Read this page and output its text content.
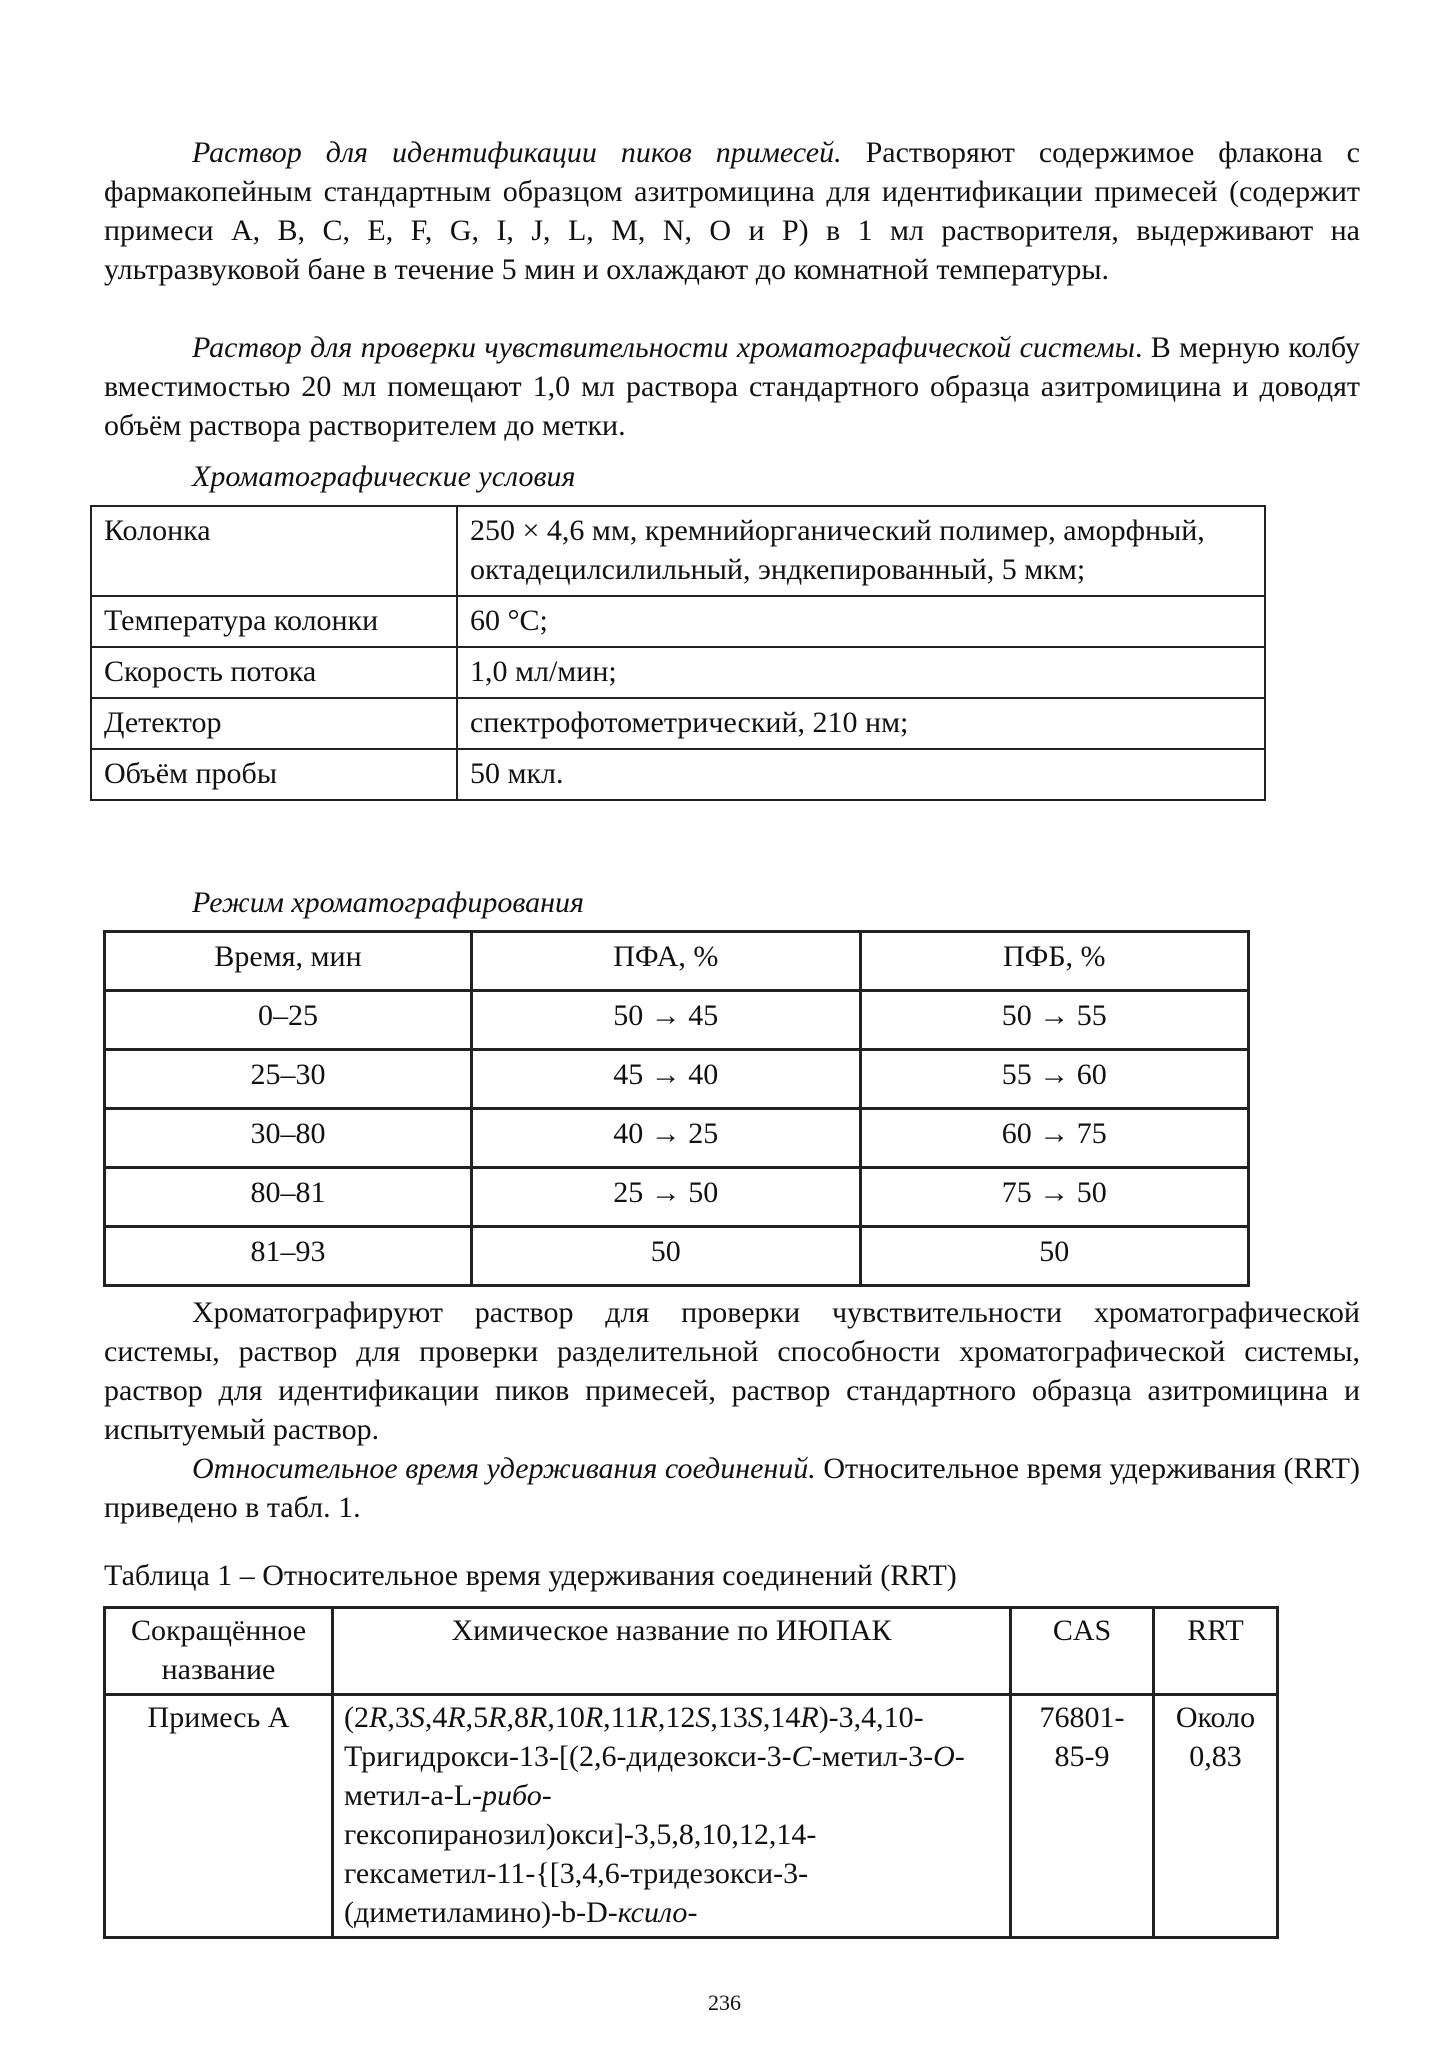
Раствор для идентификации пиков примесей. Растворяют содержимое флакона с фармакопейным стандартным образцом азитромицина для идентификации примесей (содержит примеси A, B, C, E, F, G, I, J, L, M, N, O и P) в 1 мл растворителя, выдерживают на ультразвуковой бане в течение 5 мин и охлаждают до комнатной температуры.

Раствор для проверки чувствительности хроматографической системы. В мерную колбу вместимостью 20 мл помещают 1,0 мл раствора стандартного образца азитромицина и доводят объём раствора растворителем до метки.

Хроматографические условия

Колонка	250 × 4,6 мм, кремнийорганический полимер, аморфный, октадецилсилильный, эндкепированный, 5 мкм;
Температура колонки	60 °C;
Скорость потока	1,0 мл/мин;
Детектор	спектрофотометрический, 210 нм;
Объём пробы	50 мкл.

Режим хроматографирования

Время, мин	ПФА, %	ПФБ, %
0–25	50 → 45	50 → 55
25–30	45 → 40	55 → 60
30–80	40 → 25	60 → 75
80–81	25 → 50	75 → 50
81–93	50	50

Хроматографируют раствор для проверки чувствительности хроматографической системы, раствор для проверки разделительной способности хроматографической системы, раствор для идентификации пиков примесей, раствор стандартного образца азитромицина и испытуемый раствор.

Относительное время удерживания соединений. Относительное время удерживания (RRT) приведено в табл. 1.

Таблица 1 – Относительное время удерживания соединений (RRT)

Сокращённое название	Химическое название по ИЮПАК	CAS	RRT
Примесь A	(2R,3S,4R,5R,8R,10R,11R,12S,13S,14R)-3,4,10-Тригидрокси-13-[(2,6-дидезокси-3-C-метил-3-O-метил-a-L-рибо-гексопиранозил)окси]-3,5,8,10,12,14-гексаметил-11-{[3,4,6-тридезокси-3-(диметиламино)-b-D-ксило-	76801-85-9	Около 0,83
236
